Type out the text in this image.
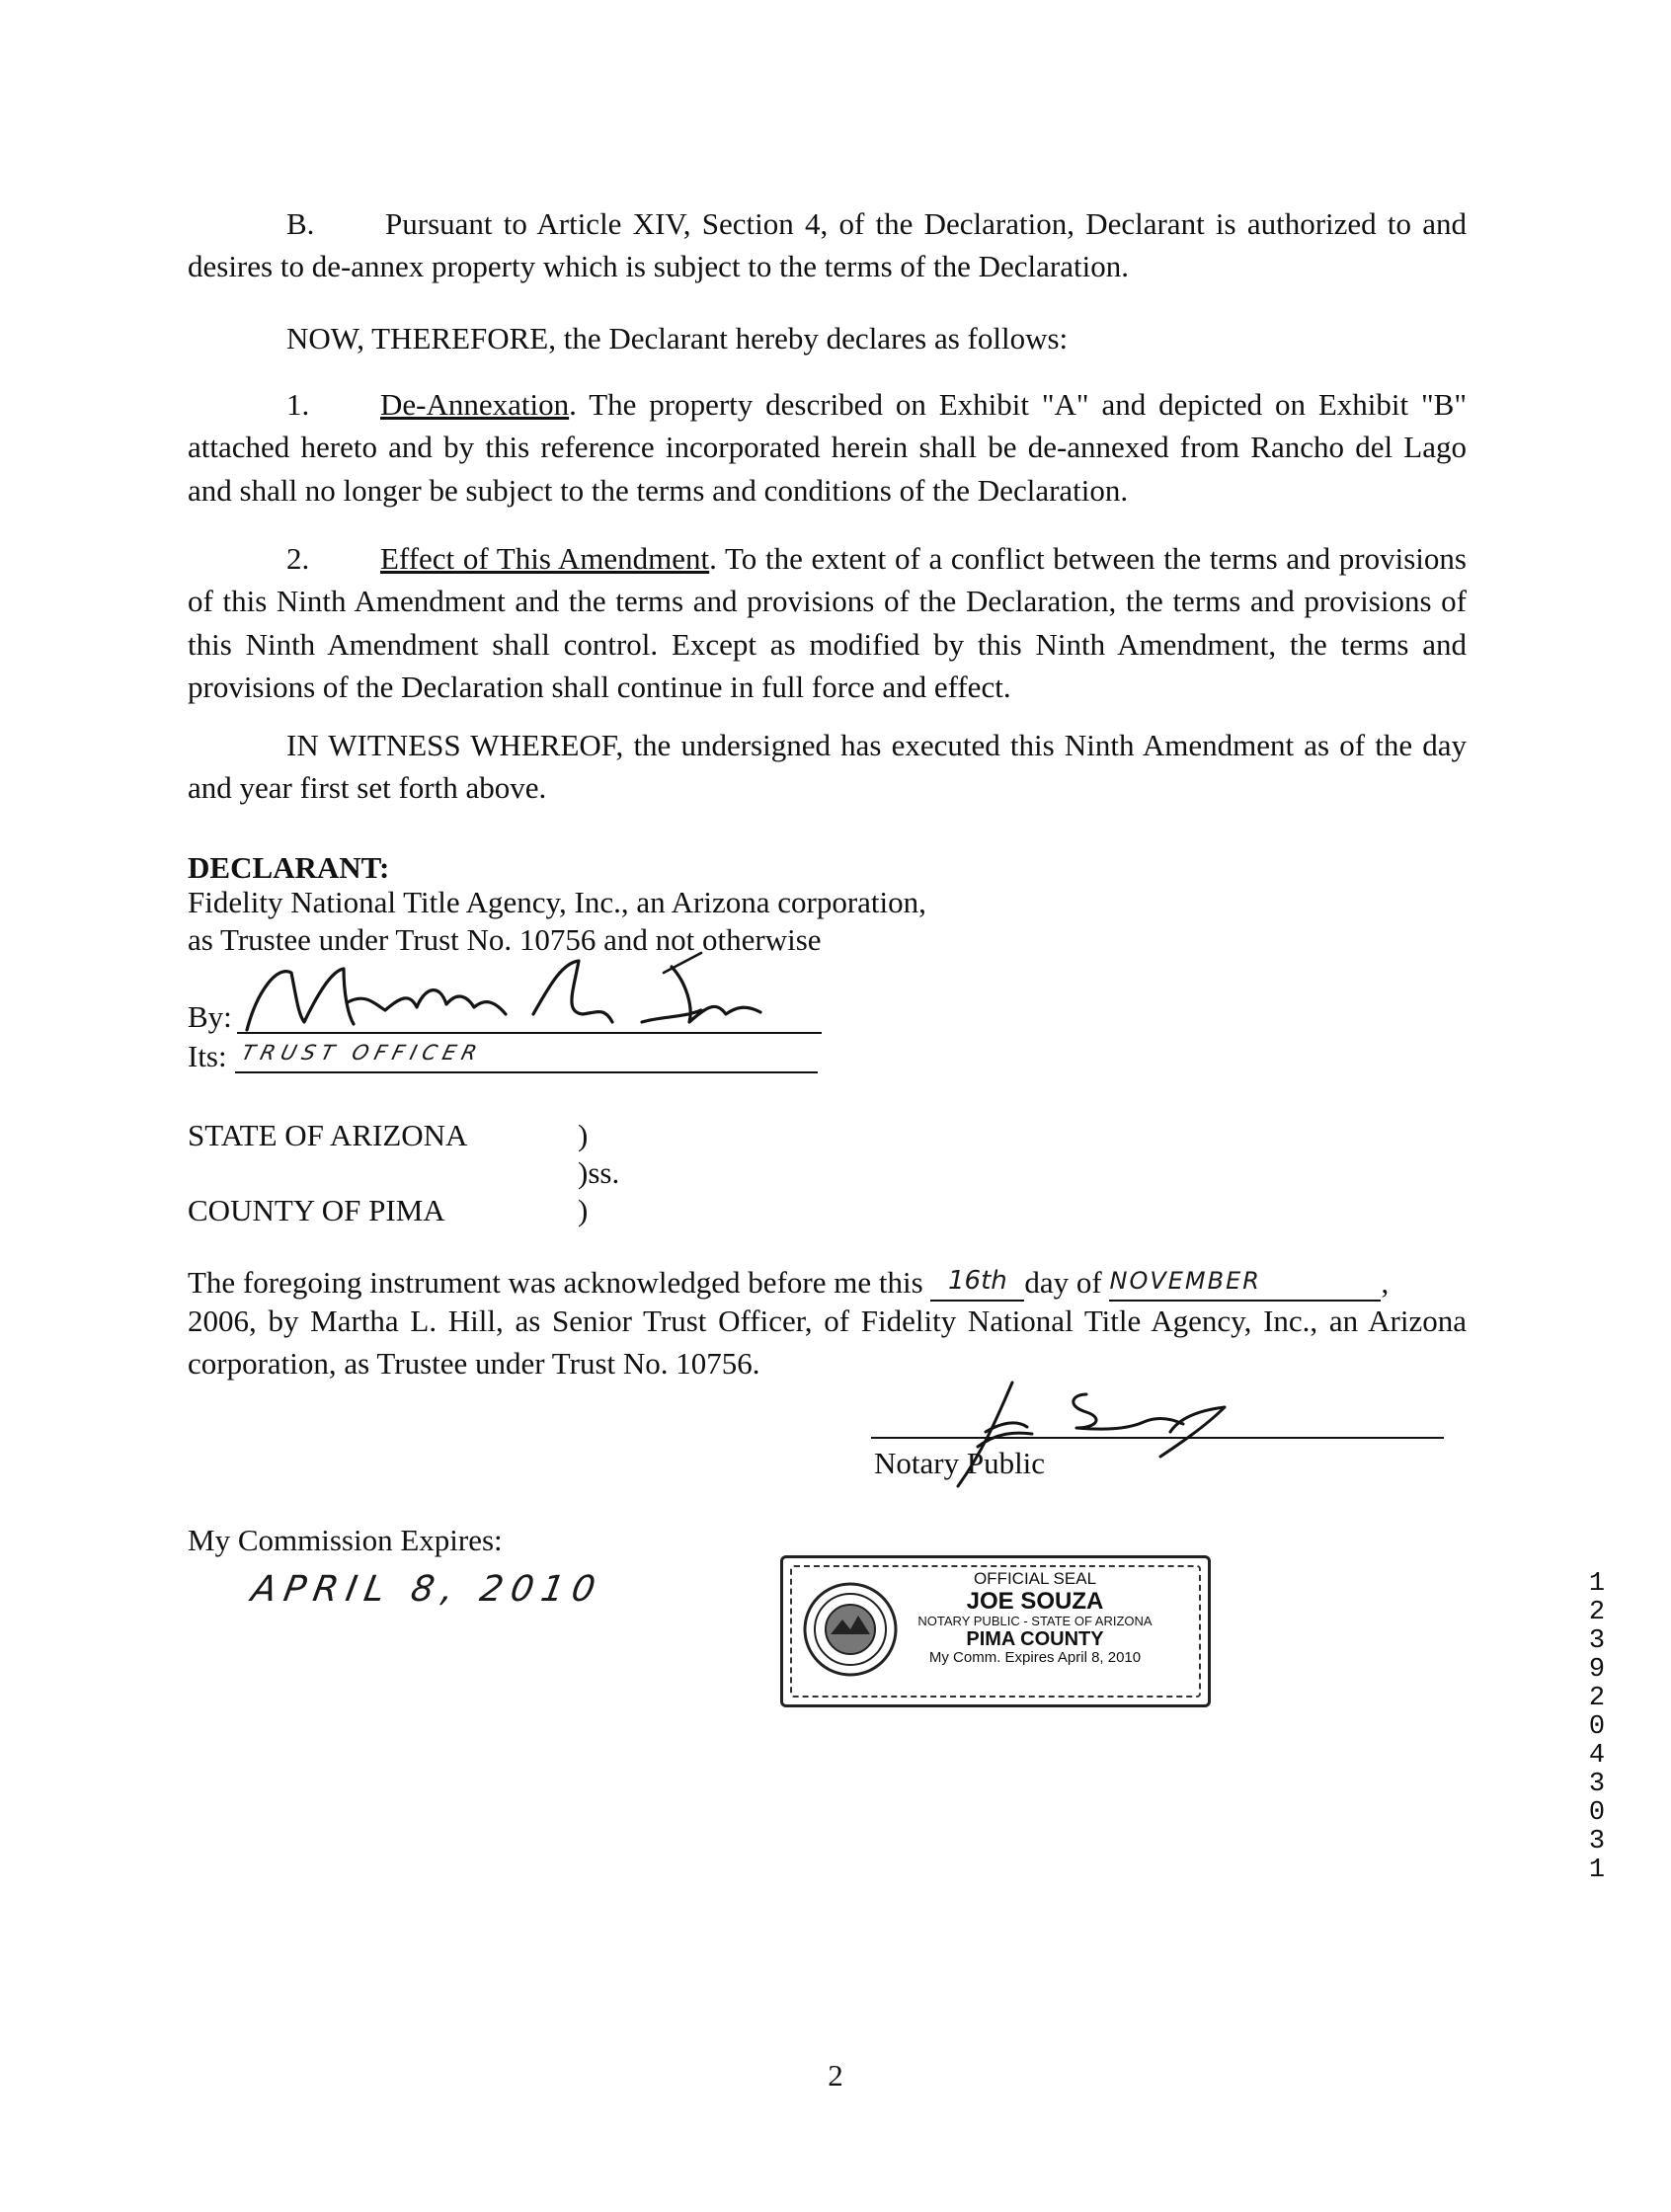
B. Pursuant to Article XIV, Section 4, of the Declaration, Declarant is authorized to and desires to de-annex property which is subject to the terms of the Declaration.

NOW, THEREFORE, the Declarant hereby declares as follows:

1. De-Annexation. The property described on Exhibit "A" and depicted on Exhibit "B" attached hereto and by this reference incorporated herein shall be de-annexed from Rancho del Lago and shall no longer be subject to the terms and conditions of the Declaration.

2. Effect of This Amendment. To the extent of a conflict between the terms and provisions of this Ninth Amendment and the terms and provisions of the Declaration, the terms and provisions of this Ninth Amendment shall control. Except as modified by this Ninth Amendment, the terms and provisions of the Declaration shall continue in full force and effect.

IN WITNESS WHEREOF, the undersigned has executed this Ninth Amendment as of the day and year first set forth above.

DECLARANT:
Fidelity National Title Agency, Inc., an Arizona corporation,
as Trustee under Trust No. 10756 and not otherwise
By:
Its: TRUST OFFICER
STATE OF ARIZONA	)
)ss.
COUNTY OF PIMA	)
The foregoing instrument was acknowledged before me this 16th day of NOVEMBER	,

2006, by Martha L. Hill, as Senior Trust Officer, of Fidelity National Title Agency, Inc., an Arizona corporation, as Trustee under Trust No. 10756.

Notary Public
My Commission Expires:
APRIL 8, 2010	OFFICIAL SEAL
JOE SOUZA
NOTARY PUBLIC - STATE OF ARIZONA
PIMA COUNTY
My Comm. Expires April 8, 2010
1 2 3 9 2 0 4 3 0 3 1
2
